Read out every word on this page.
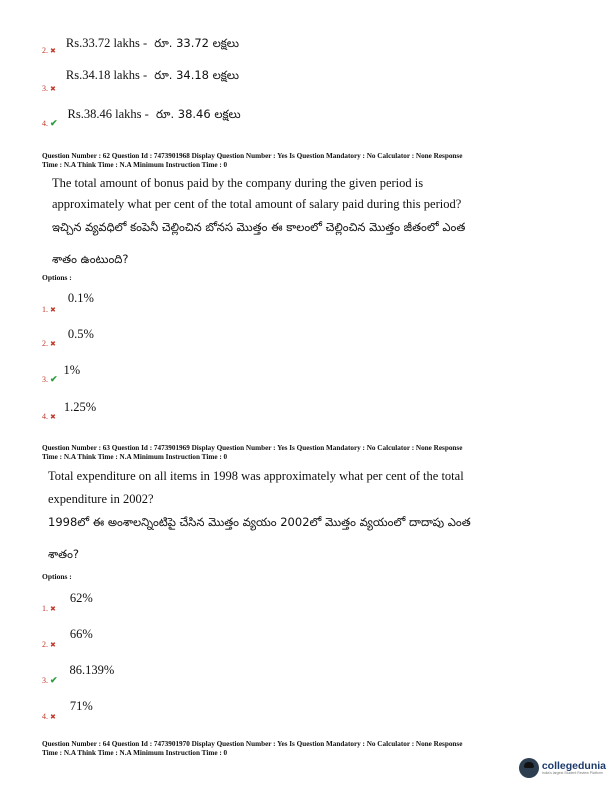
$_{2.}$ $_✖$ Rs.33.72 lakhs -  రూ. 33.72 లక్షలు
$_{3.}$ $_✖$ Rs.34.18 lakhs -  రూ. 34.18 లక్షలు
$_{4.}$ $_✔$ Rs.38.46 lakhs -  రూ. 38.46 లక్షలు
Question Number : 62 Question Id : 7473901968 Display Question Number : Yes Is Question Mandatory : No Calculator : None Response
Time : N.A Think Time : N.A Minimum Instruction Time : 0
The total amount of bonus paid by the company during the given period is
approximately what per cent of the total amount of salary paid during this period?
ఇచ్చిన వ్యవధిలో కంపెనీ చెల్లించిన బోనస మొత్తం ఈ కాలంలో చెల్లించిన మొత్తం జీతంలో ఎంత
శాతం ఉంటుంది?
Options :
$_{1.}$ $_✖$ 0.1%
$_{2.}$ $_✖$ 0.5%
$_{3.}$ $_✔$ 1%
$_{4.}$ $_✖$ 1.25%
Question Number : 63 Question Id : 7473901969 Display Question Number : Yes Is Question Mandatory : No Calculator : None Response
Time : N.A Think Time : N.A Minimum Instruction Time : 0
Total expenditure on all items in 1998 was approximately what per cent of the total
expenditure in 2002?
1998లో ఈ అంశాలన్నింటిపై చేసిన మొత్తం వ్యయం 2002లో మొత్తం వ్యయంలో దాదాపు ఎంత
శాతం?
Options :
$_{1.}$ $_✖$ 62%
$_{2.}$ $_✖$ 66%
$_{3.}$ $_✔$ 86.139%
$_{4.}$ $_✖$ 71%
Question Number : 64 Question Id : 7473901970 Display Question Number : Yes Is Question Mandatory : No Calculator : None Response
Time : N.A Think Time : N.A Minimum Instruction Time : 0
collegedunia
India's largest Student Review Platform
